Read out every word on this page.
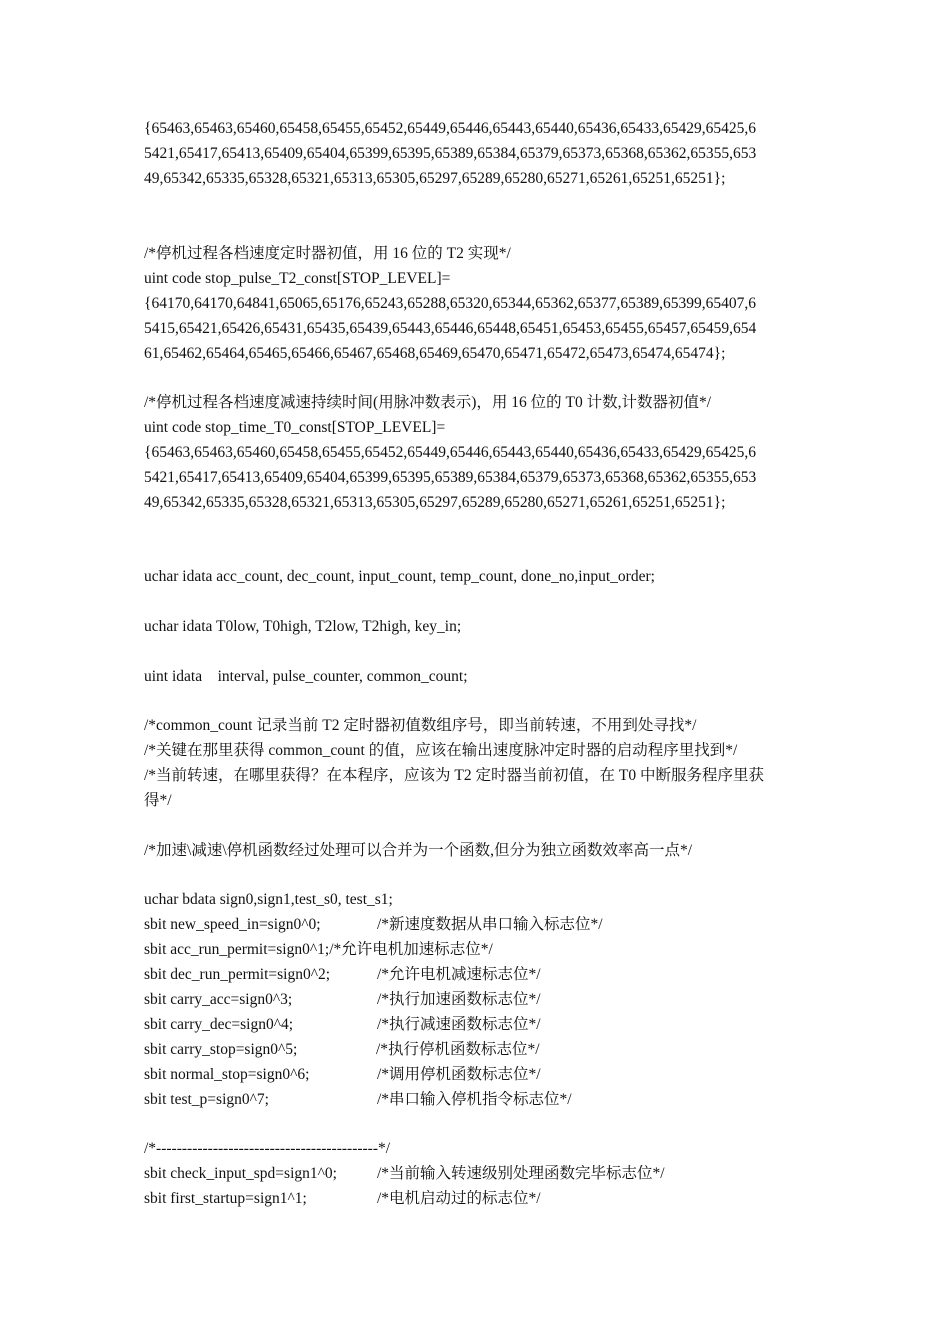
{65463,65463,65460,65458,65455,65452,65449,65446,65443,65440,65436,65433,65429,65425,6
5421,65417,65413,65409,65404,65399,65395,65389,65384,65379,65373,65368,65362,65355,653
49,65342,65335,65328,65321,65313,65305,65297,65289,65280,65271,65261,65251,65251};
/*停机过程各档速度定时器初值，用 16 位的 T2 实现*/
uint code stop_pulse_T2_const[STOP_LEVEL]=
{64170,64170,64841,65065,65176,65243,65288,65320,65344,65362,65377,65389,65399,65407,6
5415,65421,65426,65431,65435,65439,65443,65446,65448,65451,65453,65455,65457,65459,654
61,65462,65464,65465,65466,65467,65468,65469,65470,65471,65472,65473,65474,65474};
/*停机过程各档速度减速持续时间(用脉冲数表示)，用 16 位的 T0 计数,计数器初值*/
uint code stop_time_T0_const[STOP_LEVEL]=
{65463,65463,65460,65458,65455,65452,65449,65446,65443,65440,65436,65433,65429,65425,6
5421,65417,65413,65409,65404,65399,65395,65389,65384,65379,65373,65368,65362,65355,653
49,65342,65335,65328,65321,65313,65305,65297,65289,65280,65271,65261,65251,65251};
uchar idata acc_count, dec_count, input_count, temp_count, done_no,input_order;
uchar idata T0low, T0high, T2low, T2high, key_in;
uint idata    interval, pulse_counter, common_count;
/*common_count 记录当前 T2 定时器初值数组序号，即当前转速，不用到处寻找*/
/*关键在那里获得 common_count 的值，应该在输出速度脉冲定时器的启动程序里找到*/
/*当前转速，在哪里获得？在本程序，应该为 T2 定时器当前初值，在 T0 中断服务程序里获
得*/
/*加速\减速\停机函数经过处理可以合并为一个函数,但分为独立函数效率高一点*/
uchar bdata sign0,sign1,test_s0, test_s1;
sbit new_speed_in=sign0^0;	/*新速度数据从串口输入标志位*/
sbit acc_run_permit=sign0^1;/*允许电机加速标志位*/
sbit dec_run_permit=sign0^2;	/*允许电机减速标志位*/
sbit carry_acc=sign0^3;	/*执行加速函数标志位*/
sbit carry_dec=sign0^4;	/*执行减速函数标志位*/
sbit carry_stop=sign0^5;	/*执行停机函数标志位*/
sbit normal_stop=sign0^6;	/*调用停机函数标志位*/
sbit test_p=sign0^7;	/*串口输入停机指令标志位*/
/*-------------------------------------------*/
sbit check_input_spd=sign1^0;	/*当前输入转速级别处理函数完毕标志位*/
sbit first_startup=sign1^1;	/*电机启动过的标志位*/
